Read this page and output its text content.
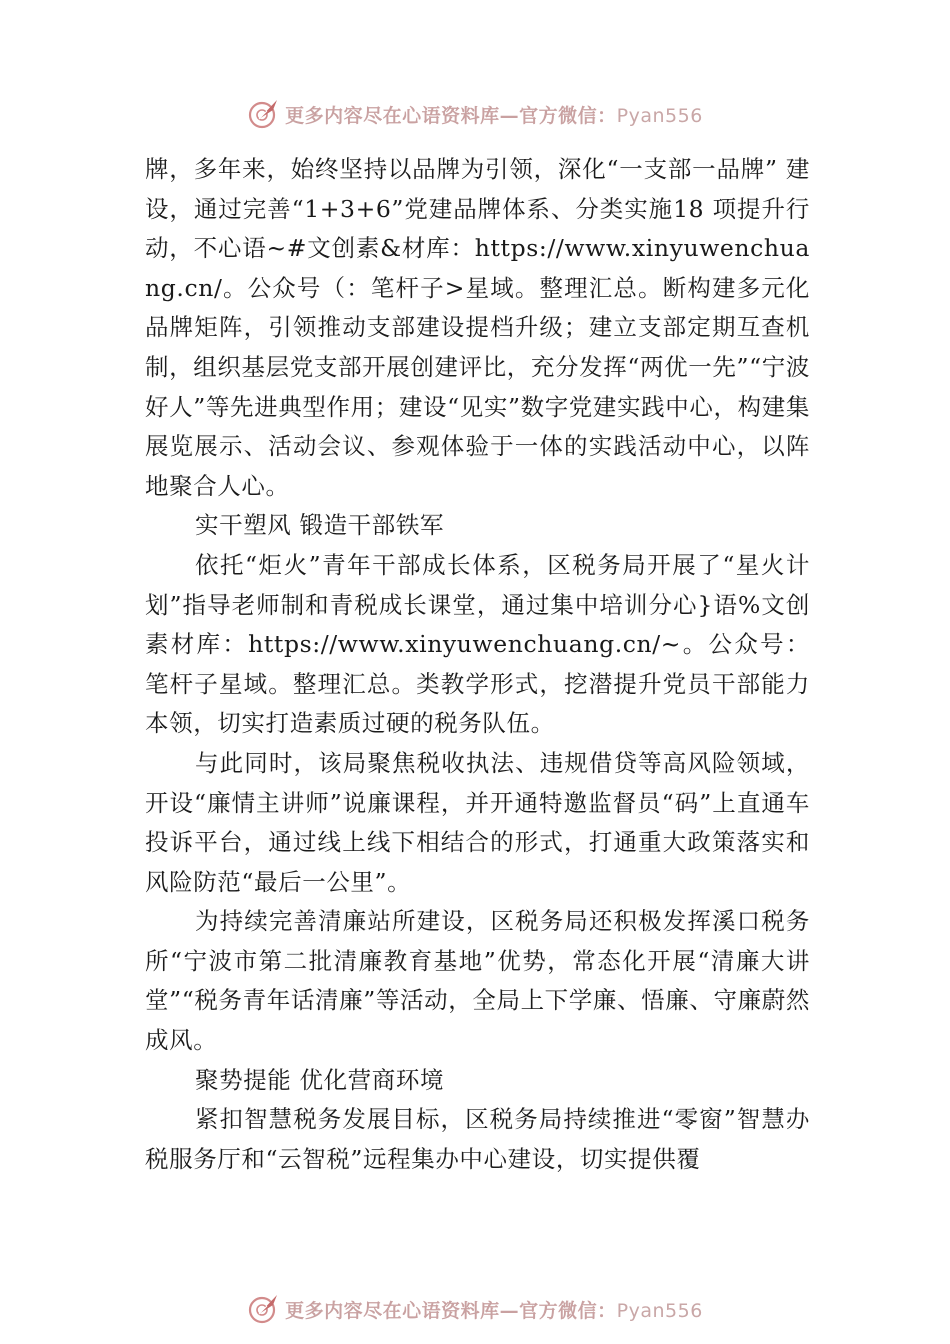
更多内容尽在心语资料库—官方微信：Pyan556

牌，多年来，始终坚持以品牌为引领，深化“一支部一品牌” 建设，通过完善“1+3+6”党建品牌体系、分类实施18 项提升行动，不心语~#文创素&材库：https://www.xinyuwenchuang.cn/。公众号（：笔杆子>星域。整理汇总。断构建多元化品牌矩阵，引领推动支部建设提档升级；建立支部定期互查机制，组织基层党支部开展创建评比，充分发挥“两优一先”“宁波好人”等先进典型作用；建设“见实”数字党建实践中心，构建集展览展示、活动会议、参观体验于一体的实践活动中心，以阵地聚合人心。

实干塑风 锻造干部铁军

依托“炬火”青年干部成长体系，区税务局开展了“星火计划”指导老师制和青税成长课堂，通过集中培训分心}语%文创素材库：https://www.xinyuwenchuang.cn/~。公众号：笔杆子星域。整理汇总。类教学形式，挖潜提升党员干部能力本领，切实打造素质过硬的税务队伍。

与此同时，该局聚焦税收执法、违规借贷等高风险领域，开设“廉情主讲师”说廉课程，并开通特邀监督员“码”上直通车投诉平台，通过线上线下相结合的形式，打通重大政策落实和风险防范“最后一公里”。

为持续完善清廉站所建设，区税务局还积极发挥溪口税务所“宁波市第二批清廉教育基地”优势，常态化开展“清廉大讲堂”“税务青年话清廉”等活动，全局上下学廉、悟廉、守廉蔚然成风。

聚势提能 优化营商环境

紧扣智慧税务发展目标，区税务局持续推进“零窗”智慧办税服务厅和“云智税”远程集办中心建设，切实提供覆

更多内容尽在心语资料库—官方微信：Pyan556
